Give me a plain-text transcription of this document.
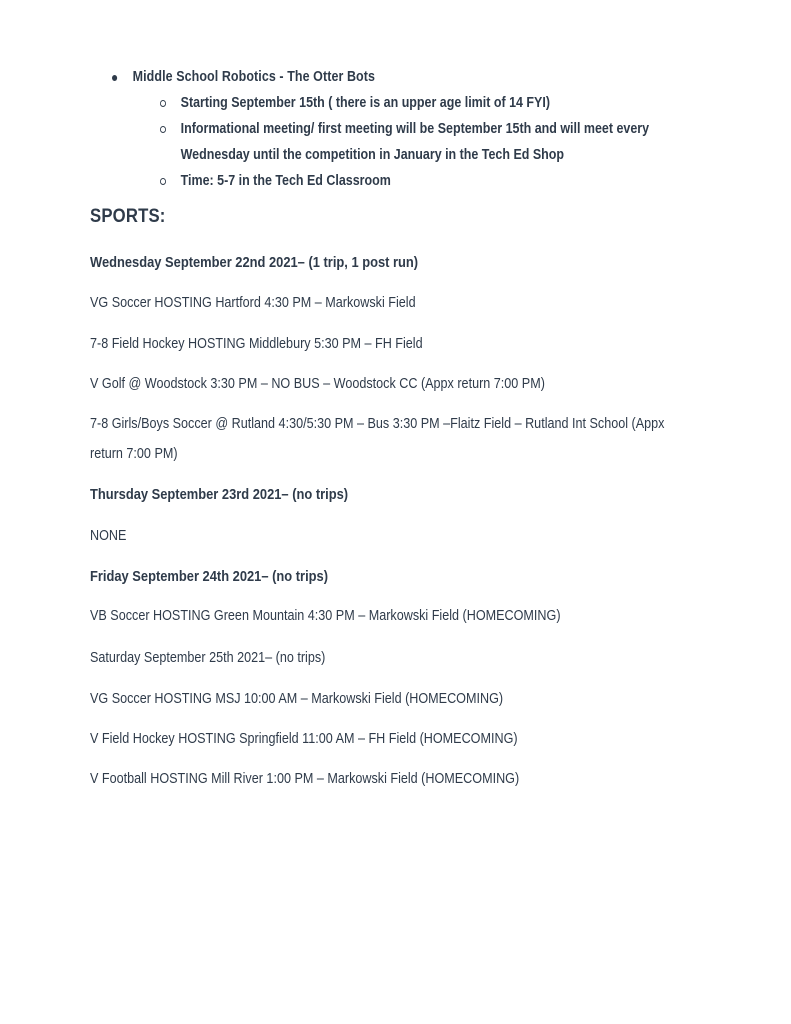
Middle School Robotics - The Otter Bots
Starting September 15th ( there is an upper age limit of 14 FYI)
Informational meeting/ first meeting will be September 15th and will meet every Wednesday until the competition in January in the Tech Ed Shop
Time: 5-7 in the Tech Ed Classroom
SPORTS:
Wednesday September 22nd 2021– (1 trip, 1 post run)
VG Soccer HOSTING Hartford 4:30 PM – Markowski Field
7-8 Field Hockey HOSTING Middlebury 5:30 PM – FH Field
V Golf @ Woodstock 3:30 PM – NO BUS – Woodstock CC (Appx return 7:00 PM)
7-8 Girls/Boys Soccer @ Rutland 4:30/5:30 PM – Bus 3:30 PM –Flaitz Field – Rutland Int School (Appx return 7:00 PM)
Thursday September 23rd 2021– (no trips)
NONE
Friday September 24th 2021– (no trips)
VB Soccer HOSTING Green Mountain 4:30 PM – Markowski Field (HOMECOMING)
Saturday September 25th 2021– (no trips)
VG Soccer HOSTING MSJ 10:00 AM – Markowski Field (HOMECOMING)
V Field Hockey HOSTING Springfield 11:00 AM – FH Field (HOMECOMING)
V Football HOSTING Mill River 1:00 PM – Markowski Field (HOMECOMING)
